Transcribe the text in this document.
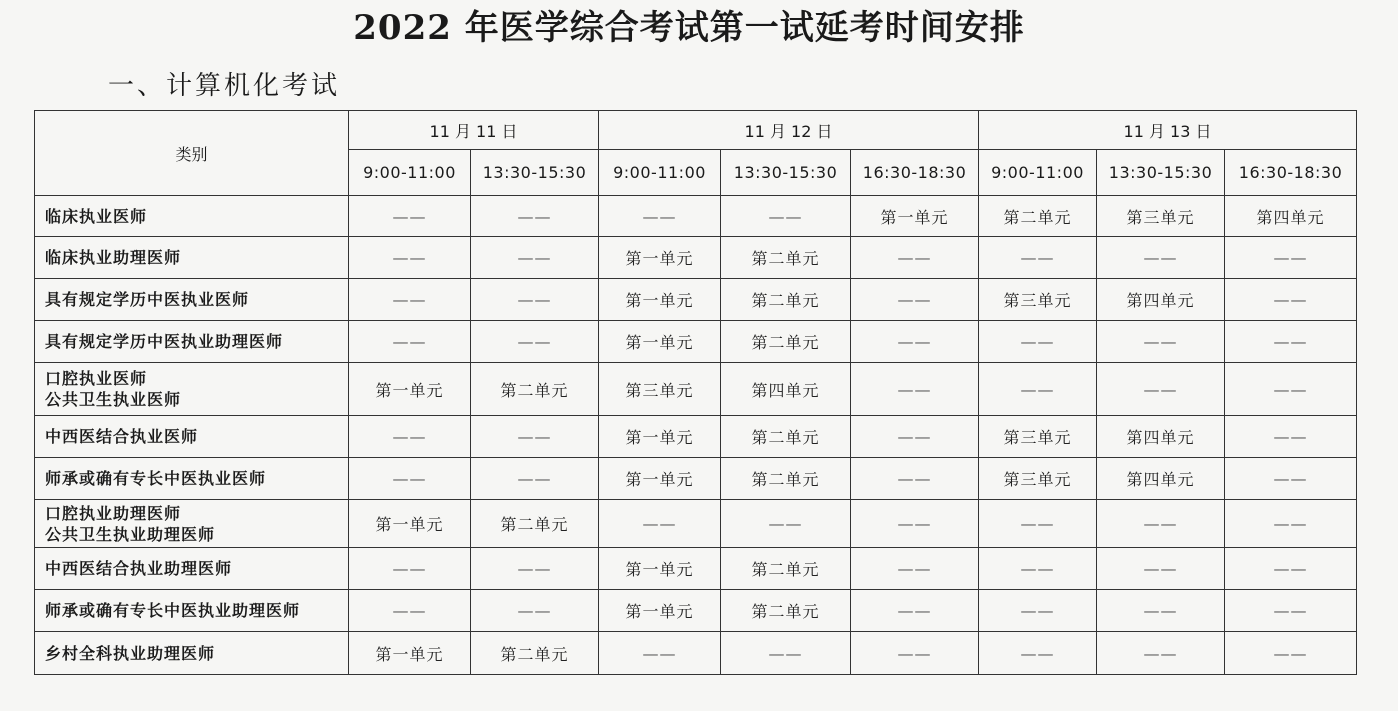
2022 年医学综合考试第一试延考时间安排
一、计算机化考试
类别	11 月 11 日		11 月 12 日			11 月 13 日		
	9:00-11:00	13:30-15:30	9:00-11:00	13:30-15:30	16:30-18:30	9:00-11:00	13:30-15:30	16:30-18:30

临床执业医师	——	——	——	——	第一单元	第二单元	第三单元	第四单元

临床执业助理医师	——	——	第一单元	第二单元	——	——	——	——

具有规定学历中医执业医师	——	——	第一单元	第二单元	——	第三单元	第四单元	——

具有规定学历中医执业助理医师	——	——	第一单元	第二单元	——	——	——	——

口腔执业医师
公共卫生执业医师	第一单元	第二单元	第三单元	第四单元	——	——	——	——

中西医结合执业医师	——	——	第一单元	第二单元	——	第三单元	第四单元	——

师承或确有专长中医执业医师	——	——	第一单元	第二单元	——	第三单元	第四单元	——

口腔执业助理医师
公共卫生执业助理医师	第一单元	第二单元	——	——	——	——	——	——

中西医结合执业助理医师	——	——	第一单元	第二单元	——	——	——	——

师承或确有专长中医执业助理医师	——	——	第一单元	第二单元	——	——	——	——

乡村全科执业助理医师	第一单元	第二单元	——	——	——	——	——	——
